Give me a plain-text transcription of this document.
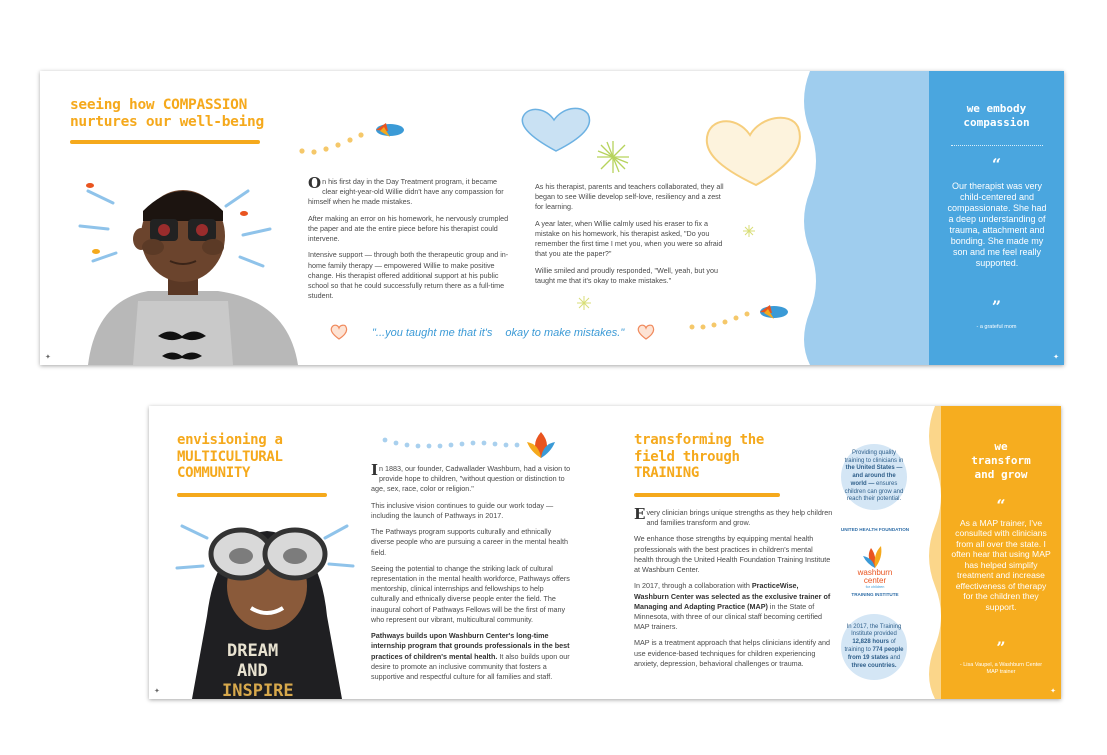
seeing how COMPASSION
nurtures our well-being

On his first day in the Day Treatment program, it became clear eight-year-old Willie didn't have any compassion for himself when he made mistakes.

After making an error on his homework, he nervously crumpled the paper and ate the entire piece before his therapist could intervene.

Intensive support — through both the therapeutic group and in-home family therapy — empowered Willie to make positive change. His therapist offered additional support at his public school so that he could successfully return there as a full-time student.

As his therapist, parents and teachers collaborated, they all began to see Willie develop self-love, resiliency and a zest for learning.

A year later, when Willie calmly used his eraser to fix a mistake on his homework, his therapist asked, "Do you remember the first time I met you, when you were so afraid that you ate the paper?"

Willie smiled and proudly responded, "Well, yeah, but you taught me that it's okay to make mistakes."

"...you taught me that it's okay to make mistakes."
we embody
compassion
“
Our therapist was very child-centered and compassionate. She had a deep understanding of trauma, attachment and bonding. She made my son and me feel really supported.
”
- a grateful mom
✦	✦
envisioning a
MULTICULTURAL
COMMUNITY
DREAM
AND
INSPIRE

In 1883, our founder, Cadwallader Washburn, had a vision to provide hope to children, "without question or distinction to age, sex, race, color or religion."

This inclusive vision continues to guide our work today — including the launch of Pathways in 2017.

The Pathways program supports culturally and ethnically diverse people who are pursuing a career in the mental health field.

Seeing the potential to change the striking lack of cultural representation in the mental health workforce, Pathways offers mentorship, clinical internships and fellowships to help culturally and ethnically diverse people enter the field. The inaugural cohort of Pathways Fellows will be the first of many who represent our vibrant, multicultural community.

Pathways builds upon Washburn Center's long-time internship program that grounds professionals in the best practices of children's mental health. It also builds upon our desire to promote an inclusive community that fosters a supportive and respectful culture for all families and staff.

transforming the
field through
TRAINING

Every clinician brings unique strengths as they help children and families transform and grow.

We enhance those strengths by equipping mental health professionals with the best practices in children's mental health through the United Health Foundation Training Institute at Washburn Center.

In 2017, through a collaboration with PracticeWise, Washburn Center was selected as the exclusive trainer of Managing and Adapting Practice (MAP) in the State of Minnesota, with three of our clinical staff becoming certified MAP trainers.

MAP is a treatment approach that helps clinicians identify and use evidence-based techniques for children experiencing anxiety, depression, behavioral challenges or trauma.

Providing quality training to clinicians in the United States — and around the world — ensures children can grow and reach their potential.
UNITED HEALTH FOUNDATION
washburn
center
for children
TRAINING INSTITUTE
In 2017, the Training Institute provided 12,828 hours of training to 774 people from 19 states and three countries.
we
transform
and grow
“
As a MAP trainer, I've consulted with clinicians from all over the state. I often hear that using MAP has helped simplify treatment and increase effectiveness of therapy for the children they support.
”
- Lisa Vaupel, a Washburn Center MAP trainer
✦	✦
